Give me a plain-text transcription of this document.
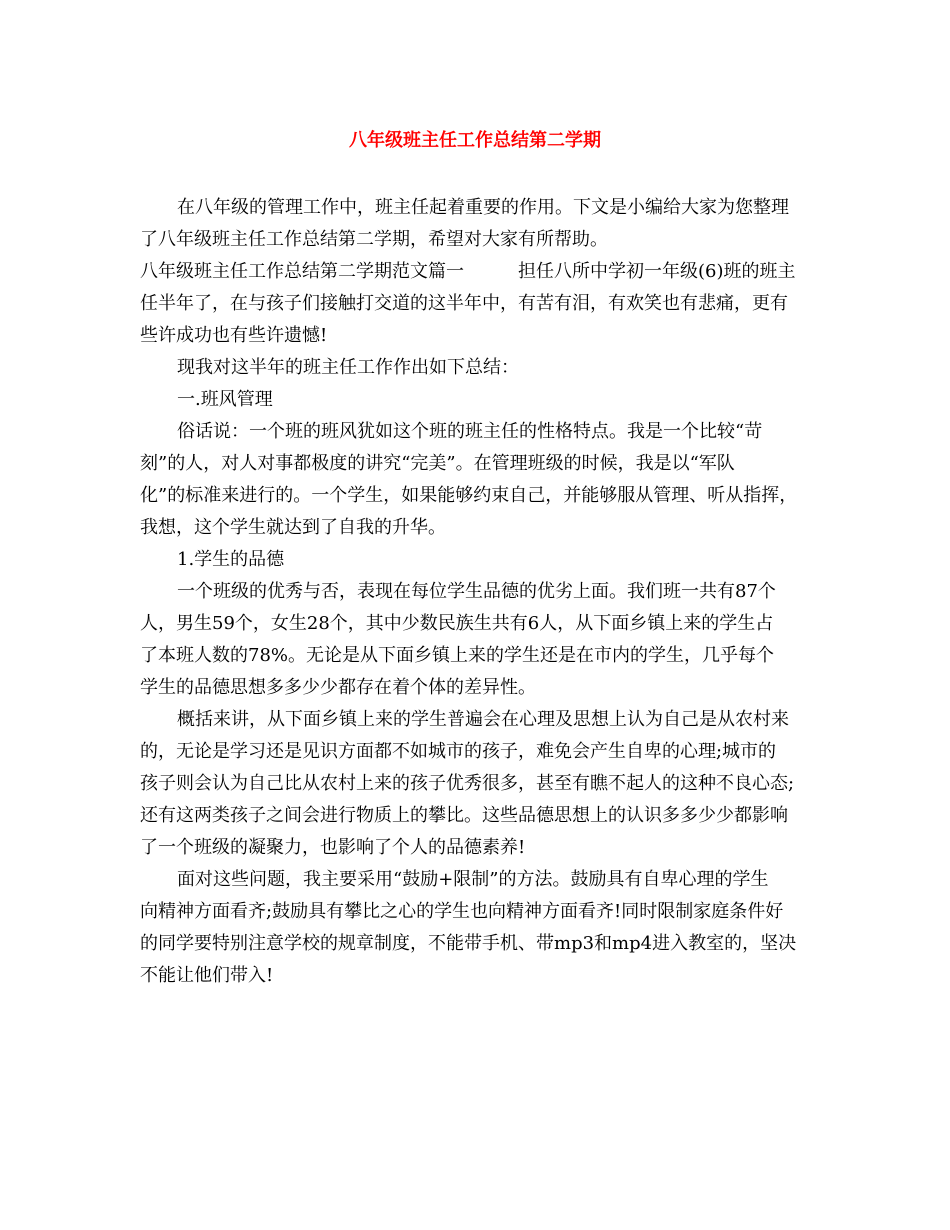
八年级班主任工作总结第二学期
在八年级的管理工作中，班主任起着重要的作用。下文是小编给大家为您整理
了八年级班主任工作总结第二学期，希望对大家有所帮助。
八年级班主任工作总结第二学期范文篇一	担任八所中学初一年级(6)班的班主
任半年了，在与孩子们接触打交道的这半年中，有苦有泪，有欢笑也有悲痛，更有
些许成功也有些许遗憾!
现我对这半年的班主任工作作出如下总结：
一.班风管理
俗话说：一个班的班风犹如这个班的班主任的性格特点。我是一个比较“苛
刻”的人，对人对事都极度的讲究“完美”。在管理班级的时候，我是以“军队
化”的标准来进行的。一个学生，如果能够约束自己，并能够服从管理、听从指挥，
我想，这个学生就达到了自我的升华。
1.学生的品德
一个班级的优秀与否，表现在每位学生品德的优劣上面。我们班一共有87个
人，男生59个，女生28个，其中少数民族生共有6人，从下面乡镇上来的学生占
了本班人数的78%。无论是从下面乡镇上来的学生还是在市内的学生，几乎每个
学生的品德思想多多少少都存在着个体的差异性。
概括来讲，从下面乡镇上来的学生普遍会在心理及思想上认为自己是从农村来
的，无论是学习还是见识方面都不如城市的孩子，难免会产生自卑的心理;城市的
孩子则会认为自己比从农村上来的孩子优秀很多，甚至有瞧不起人的这种不良心态;
还有这两类孩子之间会进行物质上的攀比。这些品德思想上的认识多多少少都影响
了一个班级的凝聚力，也影响了个人的品德素养!
面对这些问题，我主要采用“鼓励+限制”的方法。鼓励具有自卑心理的学生
向精神方面看齐;鼓励具有攀比之心的学生也向精神方面看齐!同时限制家庭条件好
的同学要特别注意学校的规章制度，不能带手机、带mp3和mp4进入教室的，坚决
不能让他们带入!
